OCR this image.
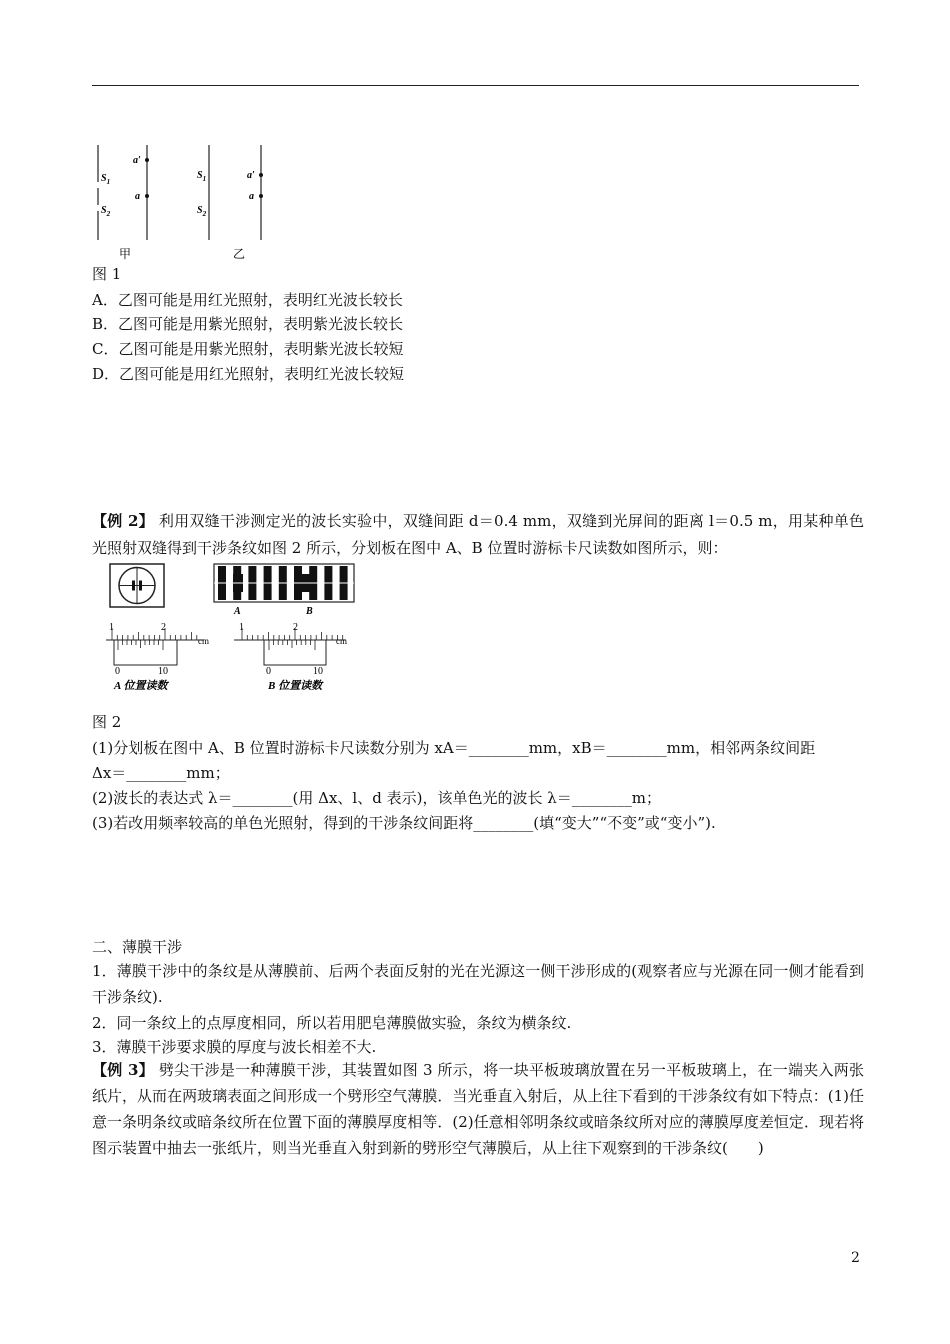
$S_1$
$S_2$
a′
a
甲
$S_1$
$S_2$
a′
a
乙
图 1
A．乙图可能是用红光照射，表明红光波长较长
B．乙图可能是用紫光照射，表明紫光波长较长
C．乙图可能是用紫光照射，表明紫光波长较短
D．乙图可能是用红光照射，表明红光波长较短
【例 2】 利用双缝干涉测定光的波长实验中，双缝间距 d＝0.4 mm，双缝到光屏间的距离 l＝0.5 m，用某种单色光照射双缝得到干涉条纹如图 2 所示，分划板在图中 A、B 位置时游标卡尺读数如图所示，则：
A	B
1	2
cm
0	10
A 位置读数
1	2
cm
0	10
B 位置读数
图 2
(1)分划板在图中 A、B 位置时游标卡尺读数分别为 xA＝________mm，xB＝________mm，相邻两条纹间距
Δx＝________mm；
(2)波长的表达式 λ＝________(用 Δx、l、d 表示)，该单色光的波长 λ＝________m；
(3)若改用频率较高的单色光照射，得到的干涉条纹间距将________(填“变大”“不变”或“变小”).
二、薄膜干涉
1．薄膜干涉中的条纹是从薄膜前、后两个表面反射的光在光源这一侧干涉形成的(观察者应与光源在同一侧才能看到干涉条纹).
2．同一条纹上的点厚度相同，所以若用肥皂薄膜做实验，条纹为横条纹.
3．薄膜干涉要求膜的厚度与波长相差不大.
【例 3】 劈尖干涉是一种薄膜干涉，其装置如图 3 所示，将一块平板玻璃放置在另一平板玻璃上，在一端夹入两张纸片，从而在两玻璃表面之间形成一个劈形空气薄膜．当光垂直入射后，从上往下看到的干涉条纹有如下特点：(1)任意一条明条纹或暗条纹所在位置下面的薄膜厚度相等．(2)任意相邻明条纹或暗条纹所对应的薄膜厚度差恒定．现若将图示装置中抽去一张纸片，则当光垂直入射到新的劈形空气薄膜后，从上往下观察到的干涉条纹(　　)
2
